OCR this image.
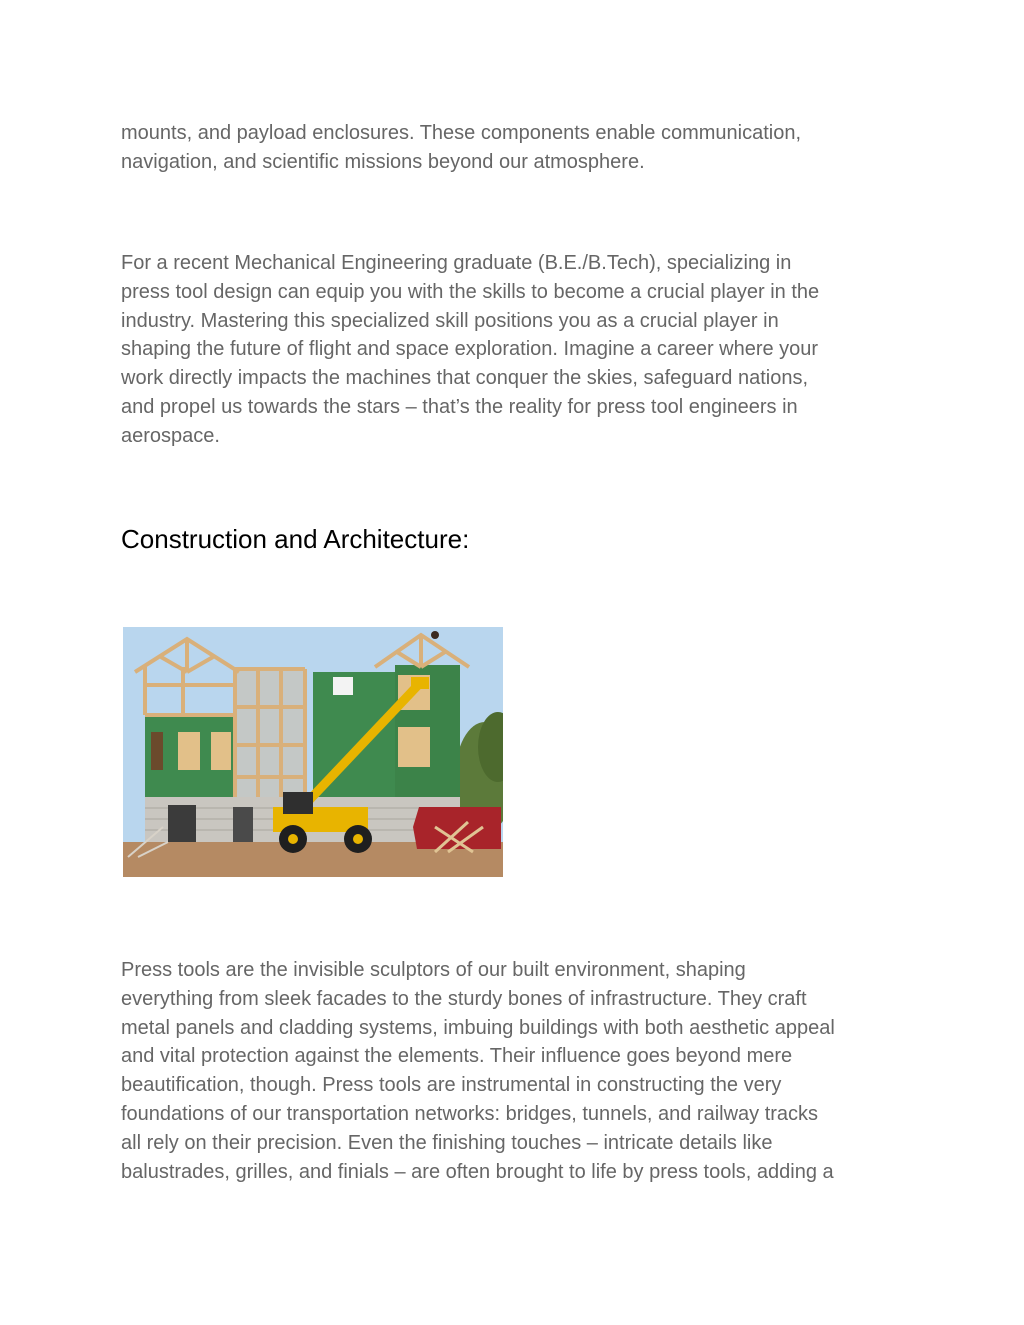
mounts, and payload enclosures. These components enable communication,
navigation, and scientific missions beyond our atmosphere.

For a recent Mechanical Engineering graduate (B.E./B.Tech), specializing in
press tool design can equip you with the skills to become a crucial player in the
industry. Mastering this specialized skill positions you as a crucial player in
shaping the future of flight and space exploration. Imagine a career where your
work directly impacts the machines that conquer the skies, safeguard nations,
and propel us towards the stars – that’s the reality for press tool engineers in
aerospace.

Construction and Architecture:

Press tools are the invisible sculptors of our built environment, shaping
everything from sleek facades to the sturdy bones of infrastructure. They craft
metal panels and cladding systems, imbuing buildings with both aesthetic appeal
and vital protection against the elements. Their influence goes beyond mere
beautification, though. Press tools are instrumental in constructing the very
foundations of our transportation networks: bridges, tunnels, and railway tracks
all rely on their precision. Even the finishing touches – intricate details like
balustrades, grilles, and finials – are often brought to life by press tools, adding a
